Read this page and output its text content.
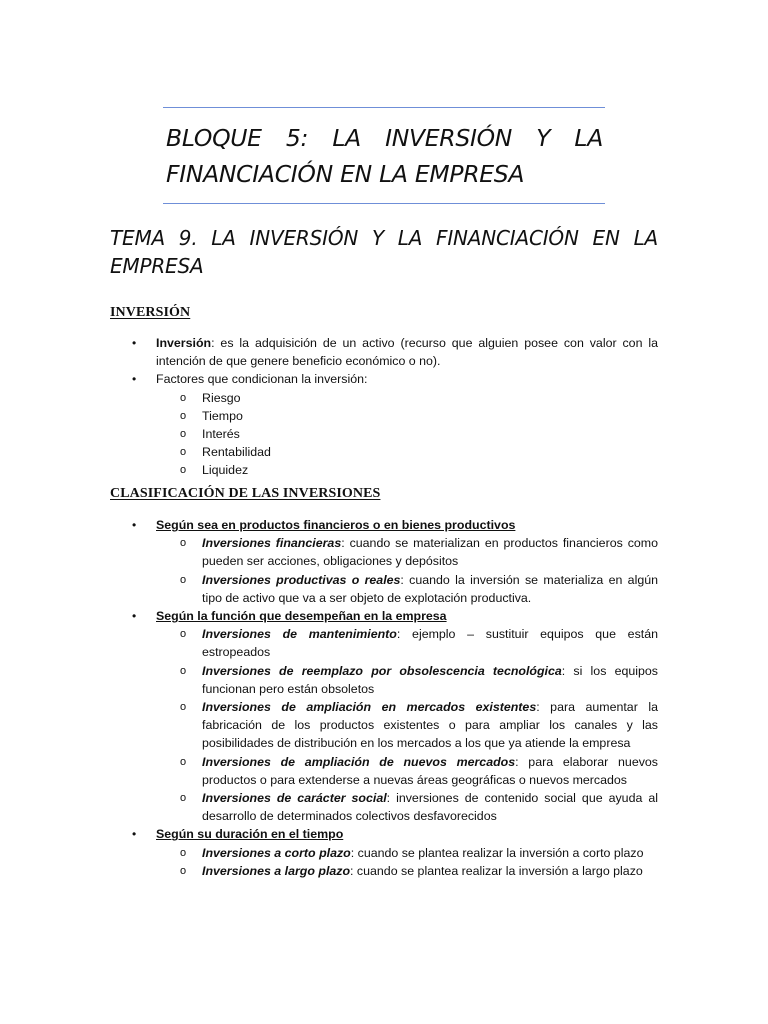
BLOQUE 5: LA INVERSIÓN Y LA FINANCIACIÓN EN LA EMPRESA

TEMA 9. LA INVERSIÓN Y LA FINANCIACIÓN EN LA EMPRESA

INVERSIÓN

• Inversión: es la adquisición de un activo (recurso que alguien posee con valor con la intención de que genere beneficio económico o no).
• Factores que condicionan la inversión:
o Riesgo
o Tiempo
o Interés
o Rentabilidad
o Liquidez

CLASIFICACIÓN DE LAS INVERSIONES

• Según sea en productos financieros o en bienes productivos
o Inversiones financieras: cuando se materializan en productos financieros como pueden ser acciones, obligaciones y depósitos
o Inversiones productivas o reales: cuando la inversión se materializa en algún tipo de activo que va a ser objeto de explotación productiva.
• Según la función que desempeñan en la empresa
o Inversiones de mantenimiento: ejemplo – sustituir equipos que están estropeados
o Inversiones de reemplazo por obsolescencia tecnológica: si los equipos funcionan pero están obsoletos
o Inversiones de ampliación en mercados existentes: para aumentar la fabricación de los productos existentes o para ampliar los canales y las posibilidades de distribución en los mercados a los que ya atiende la empresa
o Inversiones de ampliación de nuevos mercados: para elaborar nuevos productos o para extenderse a nuevas áreas geográficas o nuevos mercados
o Inversiones de carácter social: inversiones de contenido social que ayuda al desarrollo de determinados colectivos desfavorecidos
• Según su duración en el tiempo
o Inversiones a corto plazo: cuando se plantea realizar la inversión a corto plazo
o Inversiones a largo plazo: cuando se plantea realizar la inversión a largo plazo
